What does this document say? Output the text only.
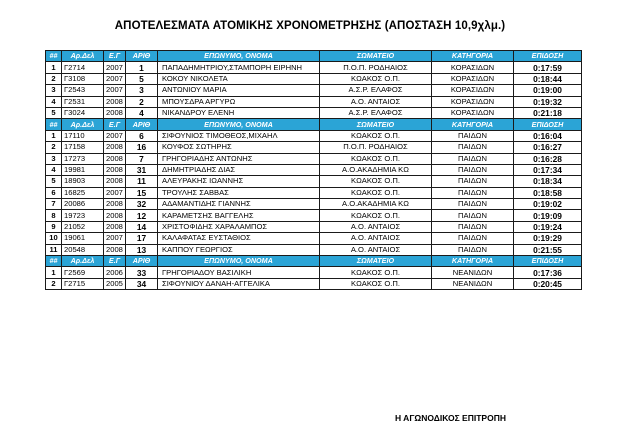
ΑΠΟΤΕΛΕΣΜΑΤΑ ΑΤΟΜΙΚΗΣ ΧΡΟΝΟΜΕΤΡΗΣΗΣ (ΑΠΟΣΤΑΣΗ 10,9χλμ.)
##	Αρ.Δελ	Ε.Γ	ΑΡΙΘ	ΕΠΩΝΥΜΟ, ΟΝΟΜΑ	ΣΩΜΑΤΕΙΟ	ΚΑΤΗΓΟΡΙΑ	ΕΠΙΔΟΣΗ
1	Γ2714	2007	1	ΠΑΠΑΔΗΜΗΤΡΙΟΥ,ΣΤΑΜΠΟΡΗ ΕΙΡΗΝΗ	Π.Ο.Π. ΡΟΔΗΑΙΟΣ	ΚΟΡΑΣΙΔΩΝ	0:17:59
2	Γ3108	2007	5	ΚΟΚΟΥ ΝΙΚΟΛΕΤΑ	ΚΩΑΚΟΣ Ο.Π.	ΚΟΡΑΣΙΔΩΝ	0:18:44
3	Γ2543	2007	3	ΑΝΤΩΝΙΟΥ ΜΑΡΙΑ	Α.Σ.Ρ. ΕΛΑΦΟΣ	ΚΟΡΑΣΙΔΩΝ	0:19:00
4	Γ2531	2008	2	ΜΠΟΥΣΔΡΑ ΑΡΓΥΡΩ	Α.Ο. ΑΝΤΑΙΟΣ	ΚΟΡΑΣΙΔΩΝ	0:19:32
5	Γ3024	2008	4	ΝΙΚΑΝΔΡΟΥ ΕΛΕΝΗ	Α.Σ.Ρ. ΕΛΑΦΟΣ	ΚΟΡΑΣΙΔΩΝ	0:21:18
##	Αρ.Δελ	Ε.Γ	ΑΡΙΘ	ΕΠΩΝΥΜΟ, ΟΝΟΜΑ	ΣΩΜΑΤΕΙΟ	ΚΑΤΗΓΟΡΙΑ	ΕΠΙΔΟΣΗ
1	17110	2007	6	ΣΙΦΟΥΝΙΟΣ ΤΙΜΟΘΕΟΣ,ΜΙΧΑΗΛ	ΚΩΑΚΟΣ Ο.Π.	ΠΑΙΔΩΝ	0:16:04
2	17158	2008	16	ΚΟΥΦΟΣ ΣΩΤΗΡΗΣ	Π.Ο.Π. ΡΟΔΗΑΙΟΣ	ΠΑΙΔΩΝ	0:16:27
3	17273	2008	7	ΓΡΗΓΟΡΙΑΔΗΣ ΑΝΤΩΝΗΣ	ΚΩΑΚΟΣ Ο.Π.	ΠΑΙΔΩΝ	0:16:28
4	19981	2008	31	ΔΗΜΗΤΡΙΑΔΗΣ ΔΙΑΣ	Α.Ο.ΑΚΑΔΗΜΙΑ ΚΩ	ΠΑΙΔΩΝ	0:17:34
5	18903	2008	11	ΑΛΕΥΡΑΚΗΣ ΙΩΑΝΝΗΣ	ΚΩΑΚΟΣ Ο.Π.	ΠΑΙΔΩΝ	0:18:34
6	16825	2007	15	ΤΡΟΥΛΗΣ ΣΑΒΒΑΣ	ΚΩΑΚΟΣ Ο.Π.	ΠΑΙΔΩΝ	0:18:58
7	20086	2008	32	ΑΔΑΜΑΝΤΙΔΗΣ ΓΙΑΝΝΗΣ	Α.Ο.ΑΚΑΔΗΜΙΑ ΚΩ	ΠΑΙΔΩΝ	0:19:02
8	19723	2008	12	ΚΑΡΑΜΕΤΣΗΣ ΒΑΓΓΕΛΗΣ	ΚΩΑΚΟΣ Ο.Π.	ΠΑΙΔΩΝ	0:19:09
9	21052	2008	14	ΧΡΙΣΤΟΦΙΔΗΣ ΧΑΡΑΛΑΜΠΟΣ	Α.Ο. ΑΝΤΑΙΟΣ	ΠΑΙΔΩΝ	0:19:24
10	19061	2007	17	ΚΑΛΑΦΑΤΑΣ ΕΥΣΤΑΘΙΟΣ	Α.Ο. ΑΝΤΑΙΟΣ	ΠΑΙΔΩΝ	0:19:29
11	20548	2008	13	ΚΑΠΠΟΥ ΓΕΩΡΓΙΟΣ	Α.Ο. ΑΝΤΑΙΟΣ	ΠΑΙΔΩΝ	0:21:55
##	Αρ.Δελ	Ε.Γ	ΑΡΙΘ	ΕΠΩΝΥΜΟ, ΟΝΟΜΑ	ΣΩΜΑΤΕΙΟ	ΚΑΤΗΓΟΡΙΑ	ΕΠΙΔΟΣΗ
1	Γ2569	2006	33	ΓΡΗΓΟΡΙΑΔΟΥ ΒΑΣΙΛΙΚΗ	ΚΩΑΚΟΣ Ο.Π.	ΝΕΑΝΙΔΩΝ	0:17:36
2	Γ2715	2005	34	ΣΙΦΟΥΝΙΟΥ ΔΑΝΑΗ-ΑΓΓΕΛΙΚΑ	ΚΩΑΚΟΣ Ο.Π.	ΝΕΑΝΙΔΩΝ	0:20:45
Η ΑΓΩΝΟΔΙΚΟΣ ΕΠΙΤΡΟΠΗ
